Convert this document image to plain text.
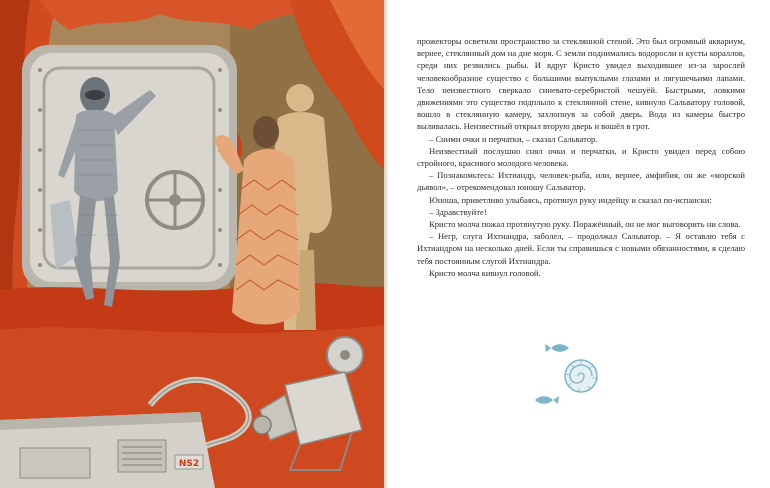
NS2

прожекторы осветили пространство за стеклянной стеной. Это был огромный аквариум, вернее, стеклянный дом на дне моря. С земли поднимались водоросли и кусты кораллов, среди них резвились рыбы. И вдруг Кристо увидел выходившее из-за зарослей человекообразное существо с большими выпуклыми глазами и лягушечьими лапами. Тело неизвестного сверкало синевато-серебристой чешуёй. Быстрыми, ловкими движениями это существо подплыло к стеклянной стене, кивнуло Сальватору головой, вошло в стеклянную камеру, захлопнув за собой дверь. Вода из камеры быстро выливалась. Неизвестный открыл вторую дверь и вошёл в грот.

– Сними очки и перчатки, – сказал Сальватор.

Неизвестный послушно снял очки и перчатки, и Кристо увидел перед собою стройного, красивого молодого человека.

– Познакомьтесь: Ихтиандр, человек-рыба, или, вернее, амфибия, он же «морской дьявол», – отрекомендовал юношу Сальватор.

Юноша, приветливо улыбаясь, протянул руку индейцу и сказал по-испански:

– Здравствуйте!

Кристо молча пожал протянутую руку. Поражённый, он не мог выговорить ни слова.

– Негр, слуга Ихтиандра, заболел, – продолжал Сальватор. – Я оставлю тебя с Ихтиандром на несколько дней. Если ты справишься с новыми обязанностями, я сделаю тебя постоянным слугой Ихтиандра.

Кристо молча кивнул головой.
